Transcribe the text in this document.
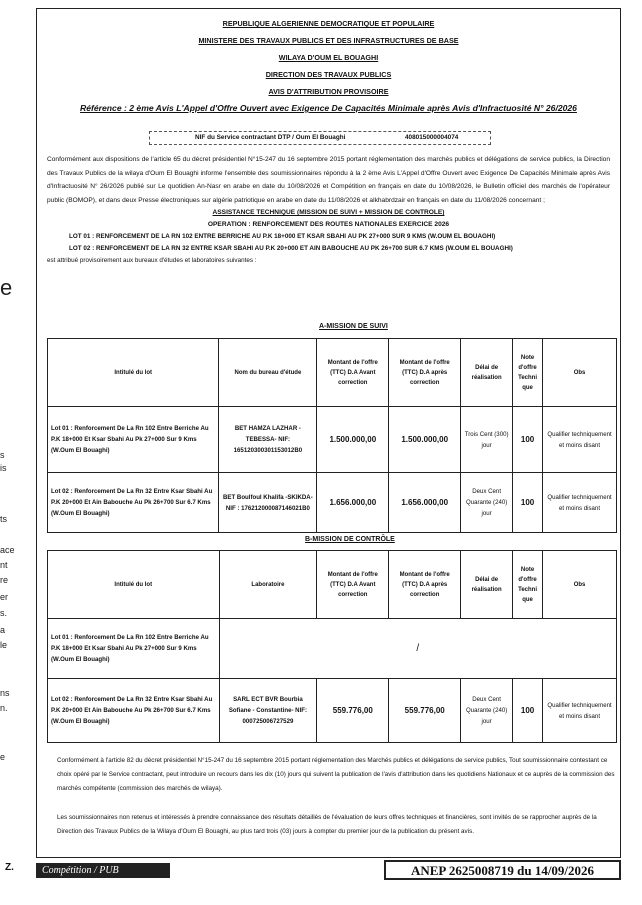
e
s
is
ts
ace
nt
re
er
s.
a
le
ns
n.
e
REPUBLIQUE ALGERIENNE DEMOCRATIQUE ET POPULAIRE
MINISTERE DES TRAVAUX PUBLICS ET DES INFRASTRUCTURES DE BASE
WILAYA D'OUM EL BOUAGHI
DIRECTION DES TRAVAUX PUBLICS
AVIS D'ATTRIBUTION PROVISOIRE
Référence : 2 ème Avis L'Appel d'Offre Ouvert avec Exigence De Capacités Minimale après Avis d'Infractuosité N° 26/2026
NIF du Service contractant DTP / Oum El Bouaghi	408015000004074

Conformément aux dispositions de l'article 65 du décret présidentiel N°15-247 du 16 septembre 2015 portant réglementation des marchés publics et délégations de service publics, la Direction des Travaux Publics de la wilaya d'Oum El Bouaghi informe l'ensemble des soumissionnaires répondu à la 2 ème Avis L'Appel d'Offre Ouvert avec Exigence De Capacités Minimale après Avis d'Infractuosité N° 26/2026 publié sur Le quotidien An-Nasr en arabe en date du 10/08/2026 et Compétition en français en date du 10/08/2026, le Bulletin officiel des marchés de l'opérateur public (BOMOP), et dans deux Presse électroniques sur algérie patriotique en arabe en date du 11/08/2026 et alkhabrdzair en français en date du 11/08/2026 concernant ;

ASSISTANCE TECHNIQUE (MISSION DE SUIVI + MISSION DE CONTROLE)
OPERATION : RENFORCEMENT DES ROUTES NATIONALES EXERCICE 2026
LOT 01 : RENFORCEMENT DE LA RN 102 ENTRE BERRICHE AU P.K 18+000 ET KSAR SBAHI AU PK 27+000 SUR 9 KMS (W.OUM EL BOUAGHI)
LOT 02 : RENFORCEMENT DE LA RN 32 ENTRE KSAR SBAHI AU P.K 20+000 ET AIN BABOUCHE AU PK 26+700 SUR 6.7 KMS (W.OUM EL BOUAGHI)
est attribué provisoirement aux bureaux d'études et laboratoires suivantes :
A-MISSION DE SUIVI
Intitulé du lot	Nom du bureau d'étude	Montant de l'offre (TTC) D.A Avant correction	Montant de l'offre (TTC) D.A après correction	Délai de réalisation	Note d'offre Techni que	Obs
Lot 01 : Renforcement De La Rn 102 Entre Berriche Au P.K 18+000 Et Ksar Sbahi Au Pk 27+000 Sur 9 Kms (W.Oum El Bouaghi)	BET HAMZA LAZHAR -TEBESSA- NIF: 165120300301153012B0	1.500.000,00	1.500.000,00	Trois Cent (300) jour	100	Qualifier techniquement et moins disant
Lot 02 : Renforcement De La Rn 32 Entre Ksar Sbahi Au P.K 20+000 Et Ain Babouche Au Pk 26+700 Sur 6.7 Kms (W.Oum El Bouaghi)	BET Boulfoul Khalifa -SKIKDA- NIF : 176212000087146021B0	1.656.000,00	1.656.000,00	Deux Cent Quarante (240) jour	100	Qualifier techniquement et moins disant
B-MISSION DE CONTRÔLE
Intitulé du lot	Laboratoire	Montant de l'offre (TTC) D.A Avant correction	Montant de l'offre (TTC) D.A après correction	Délai de réalisation	Note d'offre Techni que	Obs
Lot 01 : Renforcement De La Rn 102 Entre Berriche Au P.K 18+000 Et Ksar Sbahi Au Pk 27+000 Sur 9 Kms (W.Oum El Bouaghi)	/					
Lot 02 : Renforcement De La Rn 32 Entre Ksar Sbahi Au P.K 20+000 Et Ain Babouche Au Pk 26+700 Sur 6.7 Kms (W.Oum El Bouaghi)	SARL ECT BVR Bourbia Sofiane - Constantine- NIF: 000725006727529	559.776,00	559.776,00	Deux Cent Quarante (240) jour	100	Qualifier techniquement et moins disant
Conformément à l'article 82 du décret présidentiel N°15-247 du 16 septembre 2015 portant réglementation des Marchés publics et délégations de service publics, Tout soumissionnaire contestant ce choix opéré par le Service contractant, peut introduire un recours dans les dix (10) jours qui suivent la publication de l'avis d'attribution dans les quotidiens Nationaux et ce auprès de la commission des marchés compétente (commission des marchés de wilaya).
Les soumissionnaires non retenus et intéressés à prendre connaissance des résultats détaillés de l'évaluation de leurs offres techniques et financières, sont invités de se rapprocher auprès de la Direction des Travaux Publics de la Wilaya d'Oum El Bouaghi, au plus tard trois (03) jours à compter du premier jour de la publication du présent avis.
Z.	Compétition / PUB	ANEP 2625008719 du 14/09/2026
